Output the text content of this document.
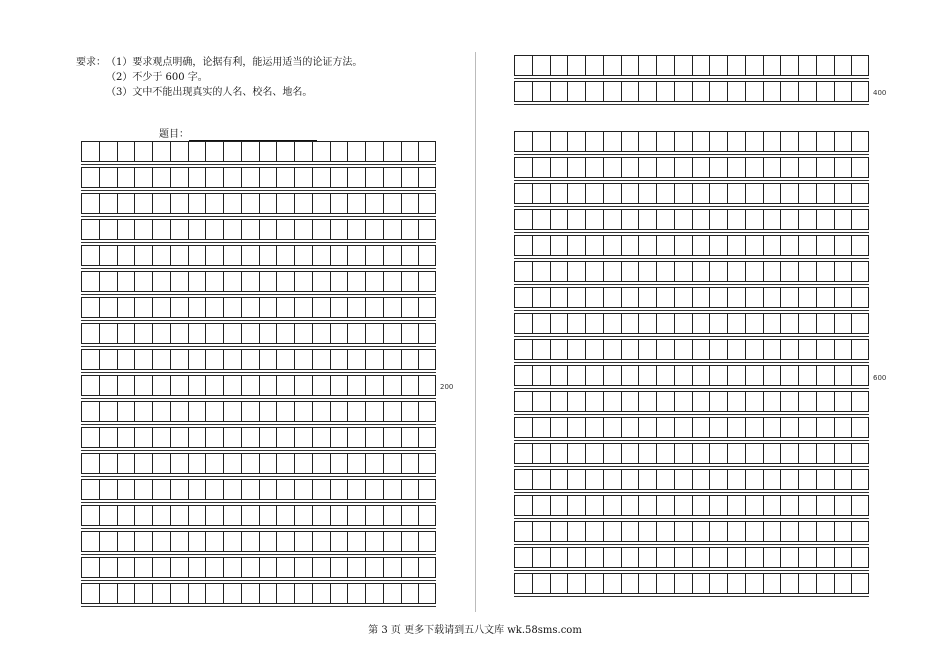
要求： （1）要求观点明确，论据有利，能运用适当的论证方法。
（2）不少于 600 字。
（3）文中不能出现真实的人名、校名、地名。
题目：
200
400
600
第 3 页 更多下载请到五八文库 wk.58sms.com
